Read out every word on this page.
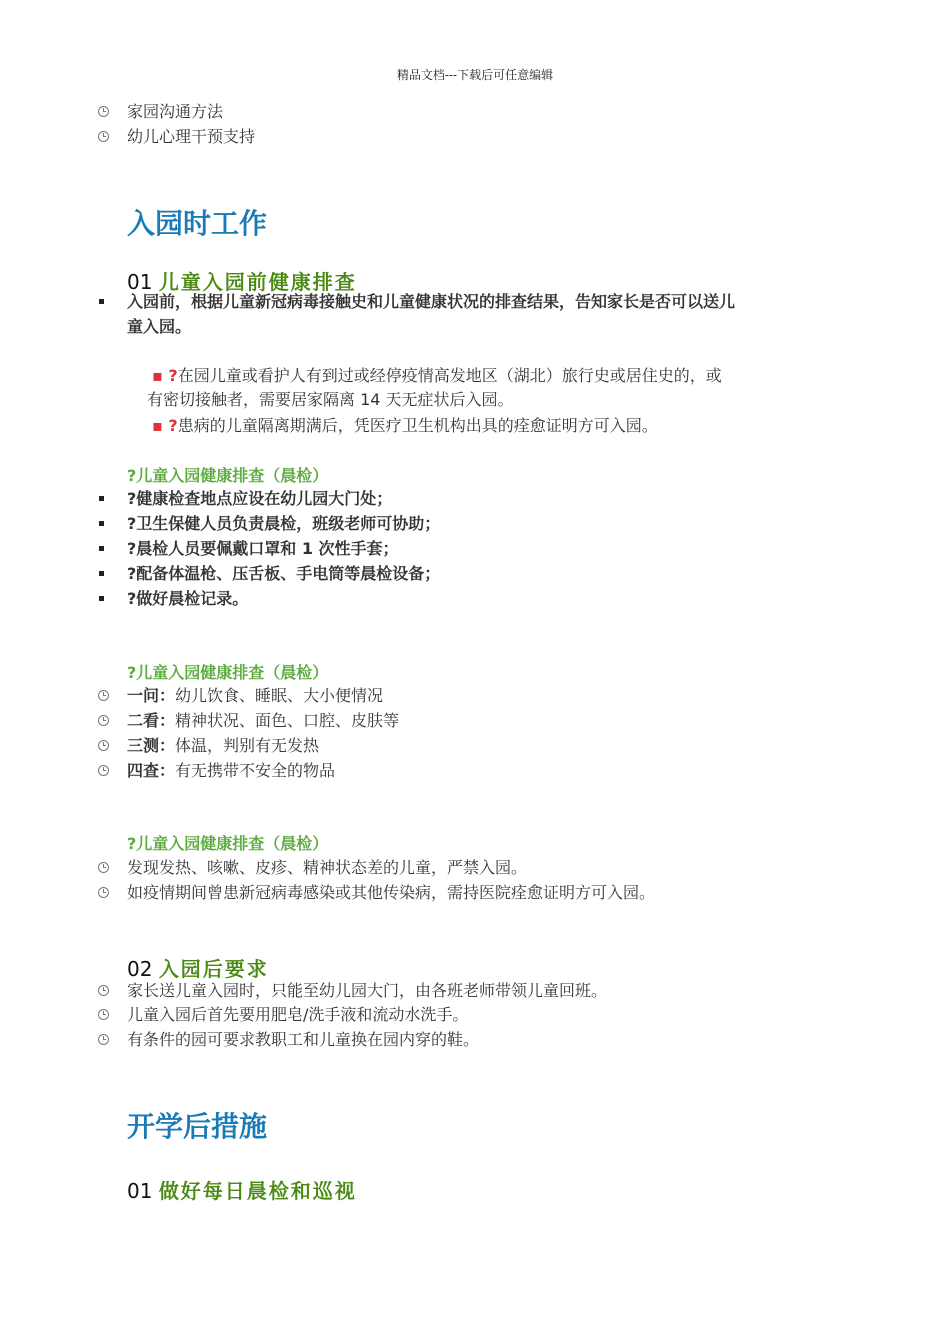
精品文档---下载后可任意编辑
家园沟通方法
幼儿心理干预支持
入园时工作
01 儿童入园前健康排查
入园前，根据儿童新冠病毒接触史和儿童健康状况的排查结果，告知家长是否可以送儿
童入园。
▪ ?在园儿童或看护人有到过或经停疫情高发地区（湖北）旅行史或居住史的，或
有密切接触者，需要居家隔离 14 天无症状后入园。
▪ ?患病的儿童隔离期满后，凭医疗卫生机构出具的痊愈证明方可入园。
?儿童入园健康排查（晨检）
?健康检查地点应设在幼儿园大门处；
?卫生保健人员负责晨检，班级老师可协助；
?晨检人员要佩戴口罩和 1 次性手套；
?配备体温枪、压舌板、手电筒等晨检设备；
?做好晨检记录。
?儿童入园健康排查（晨检）
一问：幼儿饮食、睡眠、大小便情况
二看：精神状况、面色、口腔、皮肤等
三测：体温，判别有无发热
四查：有无携带不安全的物品
?儿童入园健康排查（晨检）
发现发热、咳嗽、皮疹、精神状态差的儿童，严禁入园。
如疫情期间曾患新冠病毒感染或其他传染病，需持医院痊愈证明方可入园。
02 入园后要求
家长送儿童入园时，只能至幼儿园大门，由各班老师带领儿童回班。
儿童入园后首先要用肥皂/洗手液和流动水洗手。
有条件的园可要求教职工和儿童换在园内穿的鞋。
开学后措施
01 做好每日晨检和巡视
